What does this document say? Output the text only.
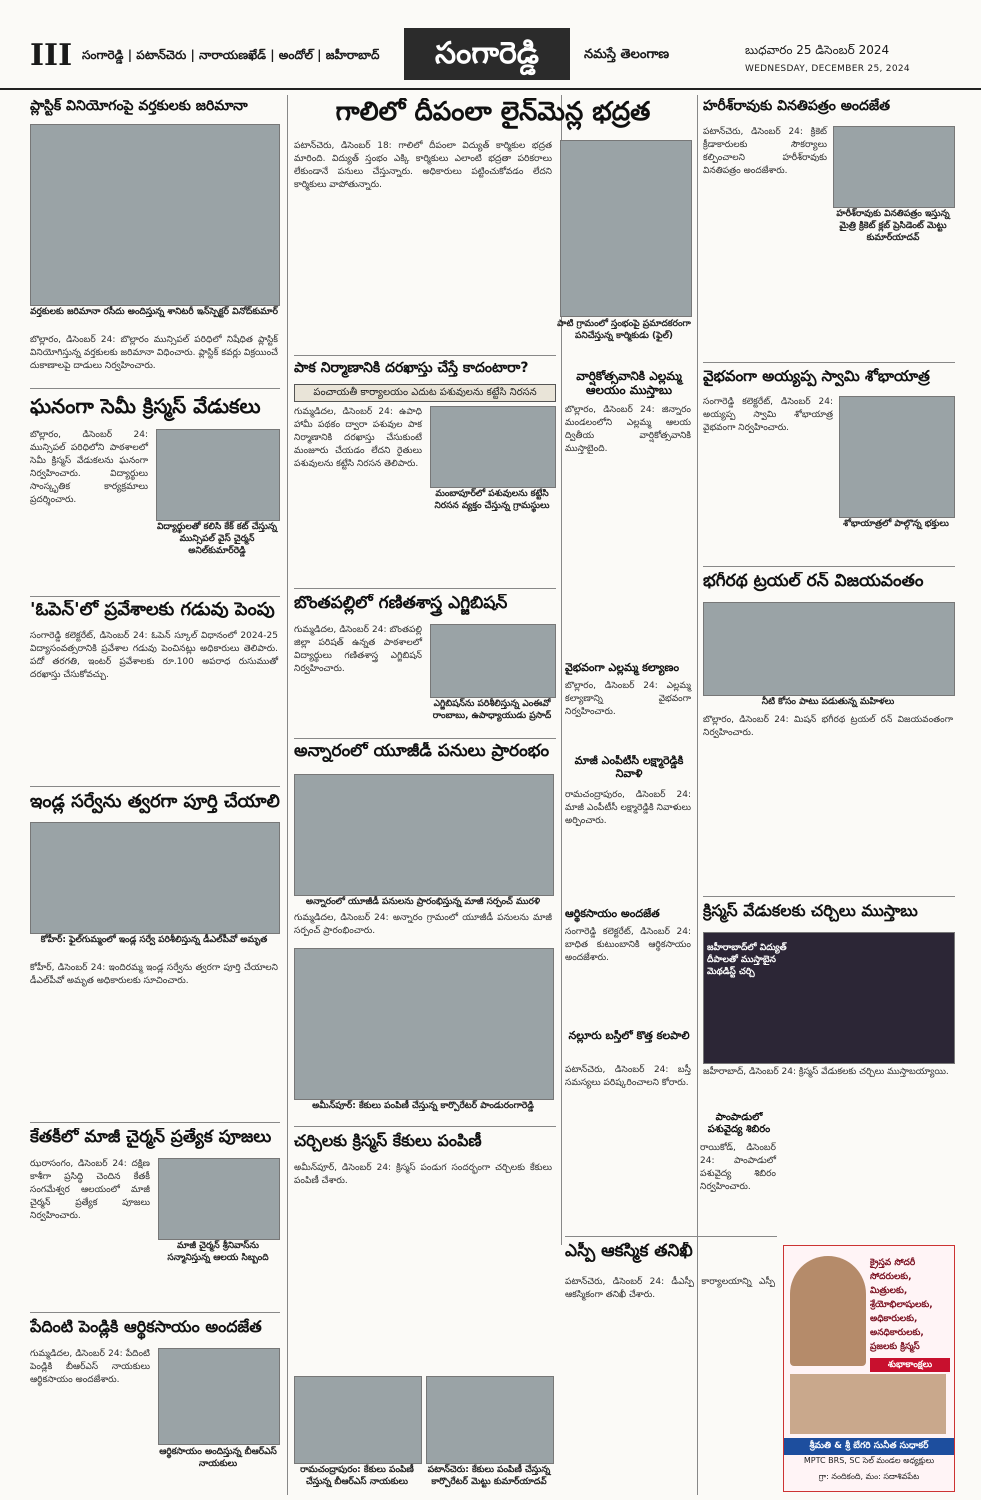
III సంగారెడ్డి | పటాన్‌చెరు | నారాయణఖేడ్ | అందోల్ | జహీరాబాద్	సంగారెడ్డి	నమస్తే తెలంగాణ	బుధవారం 25 డిసెంబర్ 2024
WEDNESDAY, DECEMBER 25, 2024
ప్లాస్టిక్ వినియోగంపై వర్తకులకు జరిమానా
వర్తకులకు జరిమానా రసీదు అందిస్తున్న శానిటరీ ఇన్‌స్పెక్టర్ వినోద్‌కుమార్
బొల్లారం, డిసెంబర్ 24: బొల్లారం మున్సిపల్ పరిధిలో నిషేధిత ప్లాస్టిక్ వినియోగిస్తున్న వర్తకులకు జరిమానా విధించారు. ప్లాస్టిక్ కవర్లు విక్రయించే దుకాణాలపై దాడులు నిర్వహించారు.
ఘనంగా సెమీ క్రిస్మస్ వేడుకలు
బొల్లారం, డిసెంబర్ 24: మున్సిపల్ పరిధిలోని పాఠశాలలో సెమీ క్రిస్మస్ వేడుకలను ఘనంగా నిర్వహించారు. విద్యార్థులు సాంస్కృతిక కార్యక్రమాలు ప్రదర్శించారు.
విద్యార్థులతో కలిసి కేక్ కట్ చేస్తున్న మున్సిపల్ వైస్ చైర్మన్ అనిల్‌కుమార్‌రెడ్డి
'ఓపెన్'లో ప్రవేశాలకు గడువు పెంపు
సంగారెడ్డి కలెక్టరేట్, డిసెంబర్ 24: ఓపెన్ స్కూల్ విధానంలో 2024-25 విద్యాసంవత్సరానికి ప్రవేశాల గడువు పెంచినట్లు అధికారులు తెలిపారు. పదో తరగతి, ఇంటర్ ప్రవేశాలకు రూ.100 అపరాధ రుసుముతో దరఖాస్తు చేసుకోవచ్చు.
ఇండ్ల సర్వేను త్వరగా పూర్తి చేయాలి
కోహీర్: ఫైల్‌గుమ్మంలో ఇండ్ల సర్వే పరిశీలిస్తున్న డీఎల్‌పీవో అమృత
కోహీర్, డిసెంబర్ 24: ఇందిరమ్మ ఇండ్ల సర్వేను త్వరగా పూర్తి చేయాలని డీఎల్‌పీవో అమృత అధికారులకు సూచించారు.
కేతకీలో మాజీ చైర్మన్ ప్రత్యేక పూజలు
ఝరాసంగం, డిసెంబర్ 24: దక్షిణ కాశీగా ప్రసిద్ధి చెందిన కేతకీ సంగమేశ్వర ఆలయంలో మాజీ చైర్మన్ ప్రత్యేక పూజలు నిర్వహించారు.
మాజీ చైర్మన్ శ్రీనివాస్‌ను సన్మానిస్తున్న ఆలయ సిబ్బంది
పేదింటి పెండ్లికి ఆర్థికసాయం అందజేత
గుమ్మడిదల, డిసెంబర్ 24: పేదింటి పెండ్లికి బీఆర్‌ఎస్ నాయకులు ఆర్థికసాయం అందజేశారు.
ఆర్థికసాయం అందిస్తున్న బీఆర్‌ఎస్ నాయకులు
గాలిలో దీపంలా లైన్‌మెన్ల భద్రత
పటాన్‌చెరు, డిసెంబర్ 18: గాలిలో దీపంలా విద్యుత్ కార్మికుల భద్రత మారింది. విద్యుత్ స్తంభం ఎక్కి కార్మికులు ఎలాంటి భద్రతా పరికరాలు లేకుండానే పనులు చేస్తున్నారు. అధికారులు పట్టించుకోవడం లేదని కార్మికులు వాపోతున్నారు.
పాటి గ్రామంలో స్తంభంపై ప్రమాదకరంగా పనిచేస్తున్న కార్మికుడు (ఫైల్)
పాక నిర్మాణానికి దరఖాస్తు చేస్తే కాదంటారా?
పంచాయతీ కార్యాలయం ఎదుట పశువులను కట్టేసి నిరసన
గుమ్మడిదల, డిసెంబర్ 24: ఉపాధి హామీ పథకం ద్వారా పశువుల పాక నిర్మాణానికి దరఖాస్తు చేసుకుంటే మంజూరు చేయడం లేదని రైతులు పశువులను కట్టేసి నిరసన తెలిపారు.
మంబాపూర్‌లో పశువులను కట్టేసి నిరసన వ్యక్తం చేస్తున్న గ్రామస్థులు
బొంతపల్లిలో గణితశాస్త్ర ఎగ్జిబిషన్
గుమ్మడిదల, డిసెంబర్ 24: బొంతపల్లి జిల్లా పరిషత్ ఉన్నత పాఠశాలలో విద్యార్థులు గణితశాస్త్ర ఎగ్జిబిషన్ నిర్వహించారు.
ఎగ్జిబిషన్‌ను పరిశీలిస్తున్న ఎంఈవో రాంబాబు, ఉపాధ్యాయుడు ప్రసాద్
అన్నారంలో యూజీడీ పనులు ప్రారంభం
అన్నారంలో యూజీడీ పనులను ప్రారంభిస్తున్న మాజీ సర్పంచ్ మురళి
గుమ్మడిదల, డిసెంబర్ 24: అన్నారం గ్రామంలో యూజీడీ పనులను మాజీ సర్పంచ్ ప్రారంభించారు.
అమీన్‌పూర్: కేకులు పంపిణీ చేస్తున్న కార్పొరేటర్ పాండురంగారెడ్డి
చర్చిలకు క్రిస్మస్ కేకులు పంపిణీ
అమీన్‌పూర్, డిసెంబర్ 24: క్రిస్మస్ పండుగ సందర్భంగా చర్చిలకు కేకులు పంపిణీ చేశారు.
రామచంద్రాపురం: కేకులు పంపిణీ చేస్తున్న బీఆర్‌ఎస్ నాయకులు
పటాన్‌చెరు: కేకులు పంపిణీ చేస్తున్న కార్పొరేటర్ మెట్టు కుమార్‌యాదవ్
వార్షికోత్సవానికి ఎల్లమ్మ ఆలయం ముస్తాబు
బొల్లారం, డిసెంబర్ 24: జిన్నారం మండలంలోని ఎల్లమ్మ ఆలయ ద్వితీయ వార్షికోత్సవానికి ముస్తాబైంది.
వైభవంగా ఎల్లమ్మ కల్యాణం
బొల్లారం, డిసెంబర్ 24: ఎల్లమ్మ కల్యాణాన్ని వైభవంగా నిర్వహించారు.
మాజీ ఎంపీటీసీ లక్ష్మారెడ్డికి నివాళి
రామచంద్రాపురం, డిసెంబర్ 24: మాజీ ఎంపీటీసీ లక్ష్మారెడ్డికి నివాళులు అర్పించారు.
ఆర్థికసాయం అందజేత
సంగారెడ్డి కలెక్టరేట్, డిసెంబర్ 24: బాధిత కుటుంబానికి ఆర్థికసాయం అందజేశారు.
నల్లూరు బస్తీలో కొత్త కలపాలి
పటాన్‌చెరు, డిసెంబర్ 24: బస్తీ సమస్యలు పరిష్కరించాలని కోరారు.
పాంపాడులో పశువైద్య శిబిరం
రాయికోడ్, డిసెంబర్ 24: పాంపాడులో పశువైద్య శిబిరం నిర్వహించారు.
ఎస్పీ ఆకస్మిక తనిఖీ
పటాన్‌చెరు, డిసెంబర్ 24: డీఎస్పీ కార్యాలయాన్ని ఎస్పీ ఆకస్మికంగా తనిఖీ చేశారు.
హరీశ్‌రావుకు వినతిపత్రం అందజేత
పటాన్‌చెరు, డిసెంబర్ 24: క్రికెట్ క్రీడాకారులకు సౌకర్యాలు కల్పించాలని హరీశ్‌రావుకు వినతిపత్రం అందజేశారు.
హరీశ్‌రావుకు వినతిపత్రం ఇస్తున్న మైత్రి క్రికెట్ క్లబ్ ప్రెసిడెంట్ మెట్టు కుమార్‌యాదవ్
వైభవంగా అయ్యప్ప స్వామి శోభాయాత్ర
సంగారెడ్డి కలెక్టరేట్, డిసెంబర్ 24: అయ్యప్ప స్వామి శోభాయాత్ర వైభవంగా నిర్వహించారు.
శోభాయాత్రలో పాల్గొన్న భక్తులు
భగీరథ ట్రయల్ రన్ విజయవంతం
నీటి కోసం పాటు పడుతున్న మహిళలు
బొల్లారం, డిసెంబర్ 24: మిషన్ భగీరథ ట్రయల్ రన్ విజయవంతంగా నిర్వహించారు.
క్రిస్మస్ వేడుకలకు చర్చిలు ముస్తాబు
జహీరాబాద్‌లో విద్యుత్ దీపాలతో ముస్తాబైన మెథడిస్ట్ చర్చి
జహీరాబాద్, డిసెంబర్ 24: క్రిస్మస్ వేడుకలకు చర్చిలు ముస్తాబయ్యాయి.
క్రైస్తవ సోదరీ సోదరులకు,
మిత్రులకు, శ్రేయోభిలాషులకు,
అధికారులకు, అనధికారులకు,
ప్రజలకు క్రిస్మస్
శుభాకాంక్షలు
శ్రీమతి & శ్రీ బేగరి సునీత సుధాకర్
MPTC BRS, SC సెల్ మండల అధ్యక్షులు
గ్రా: నందికంది, మం: సదాశివపేట
